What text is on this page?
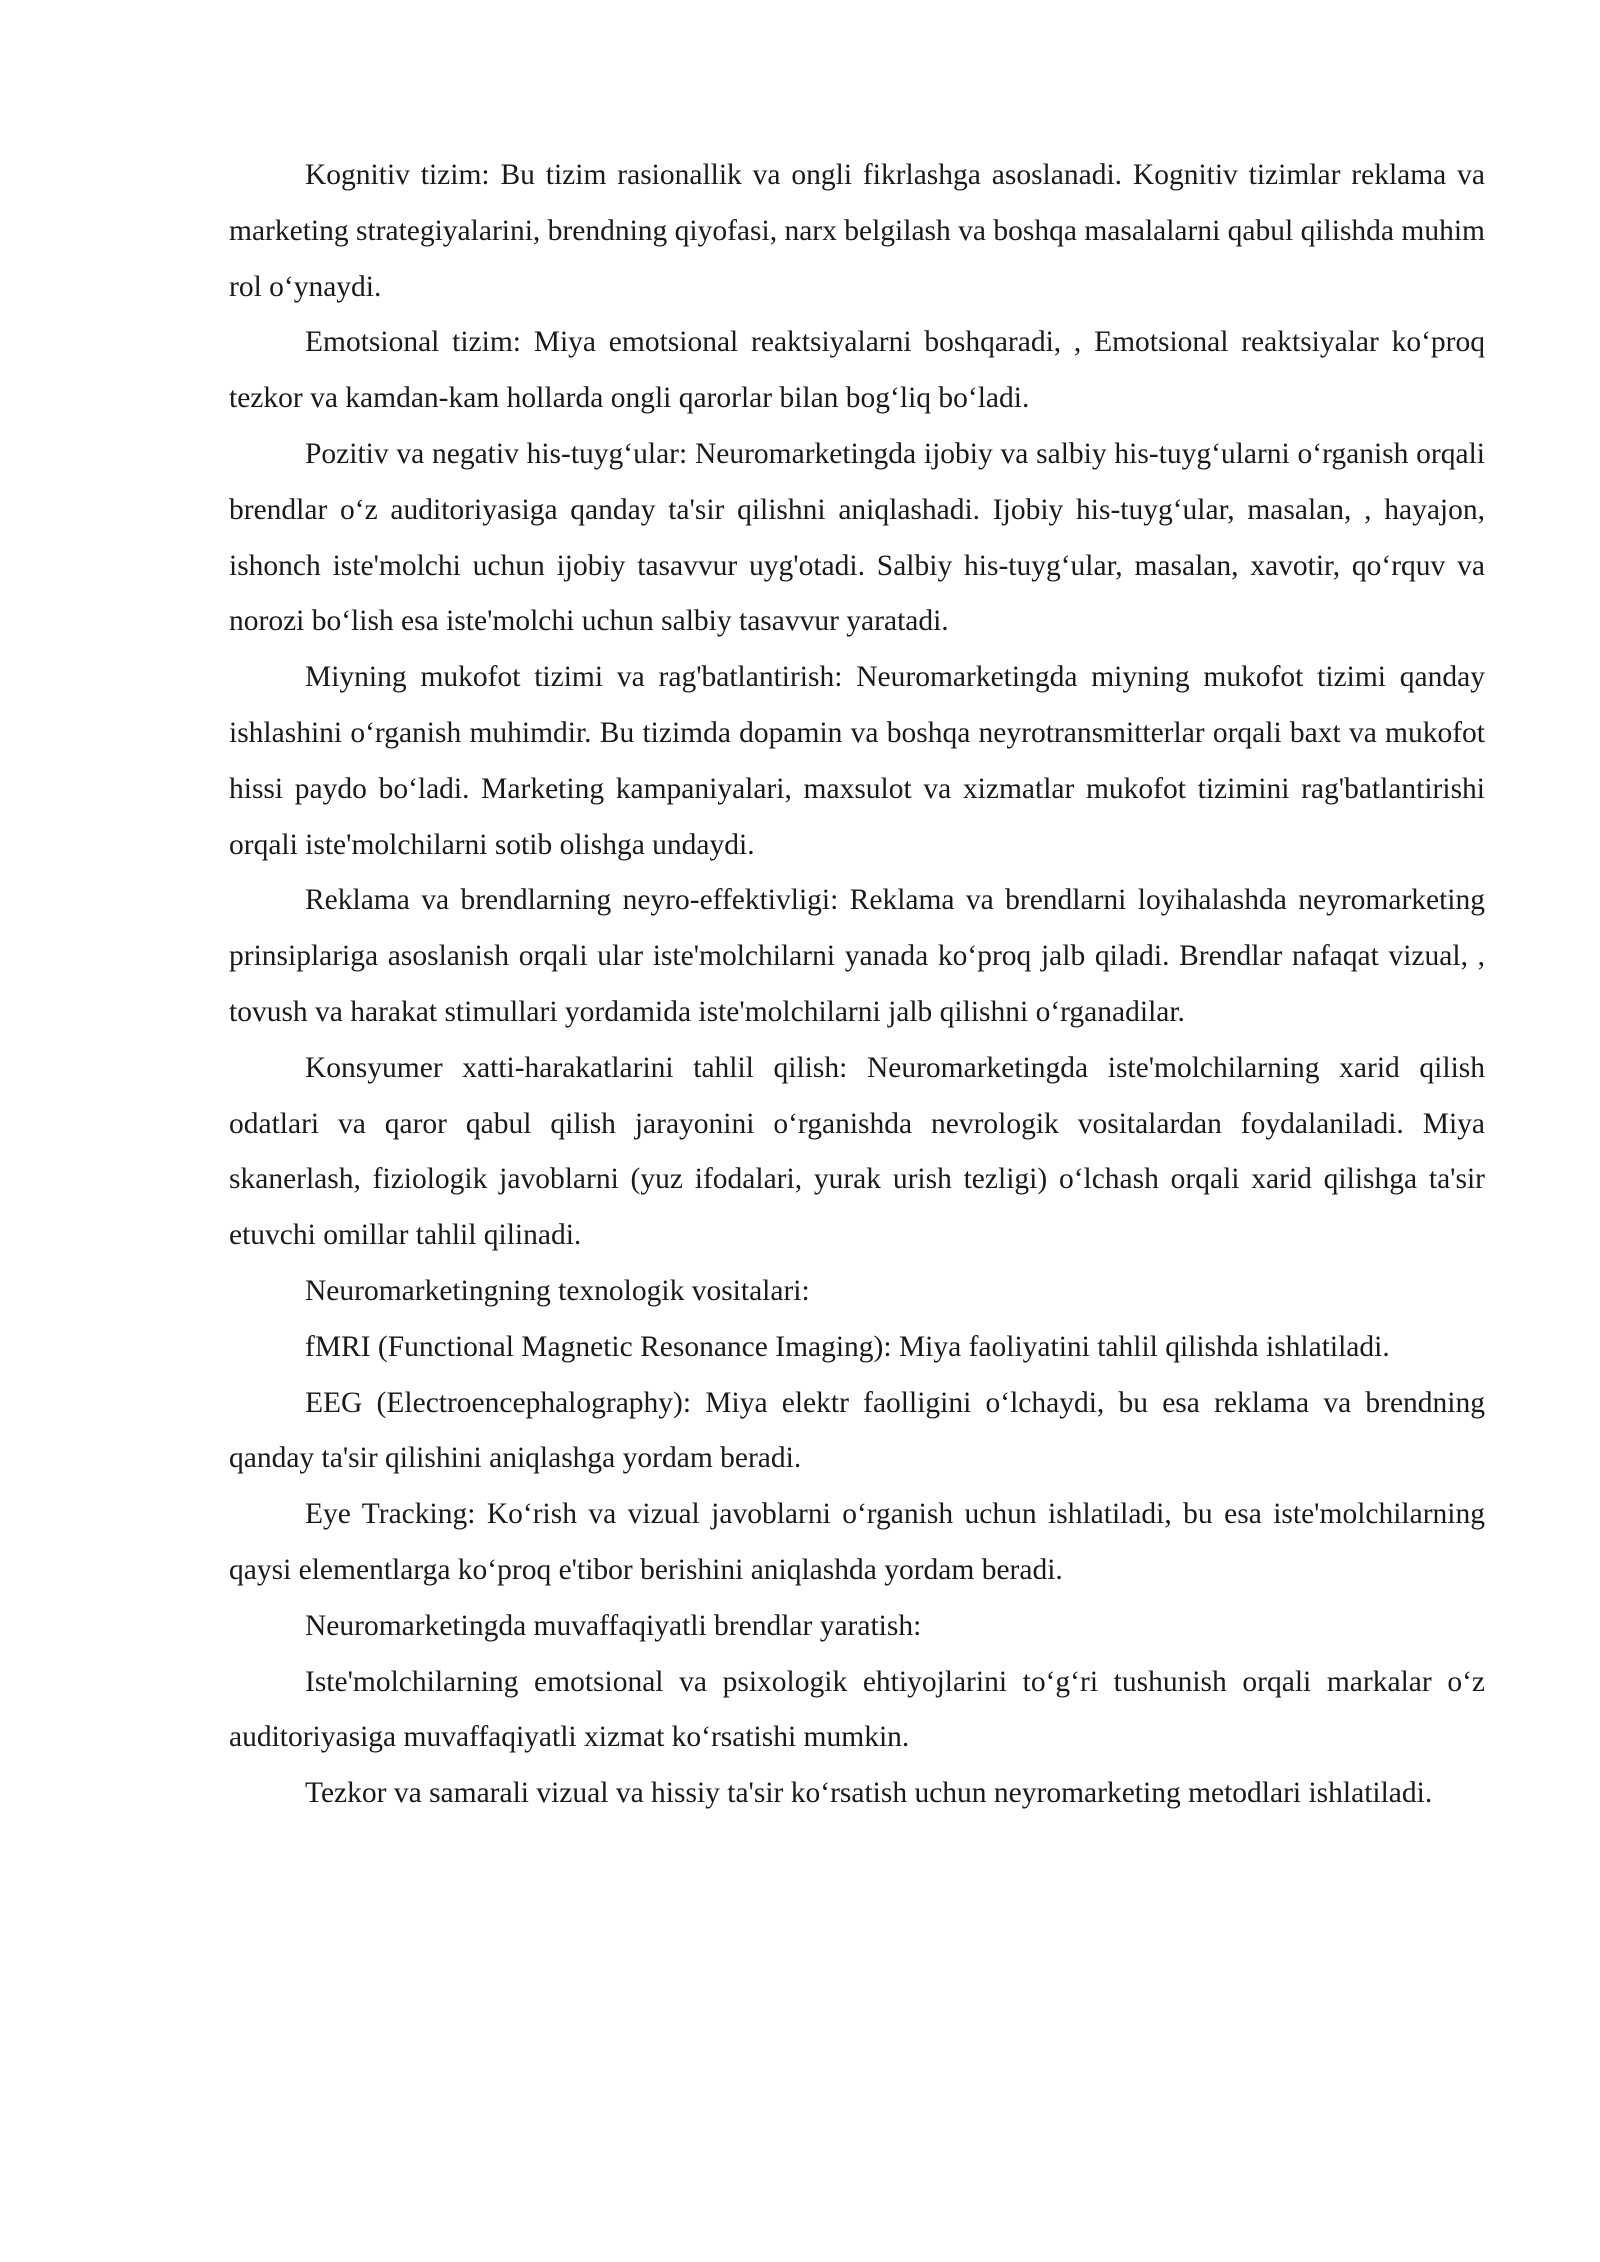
Kognitiv tizim: Bu tizim rasionallik va ongli fikrlashga asoslanadi. Kognitiv tizimlar reklama va marketing strategiyalarini, brendning qiyofasi, narx belgilash va boshqa masalalarni qabul qilishda muhim rol oʻynaydi.

Emotsional tizim: Miya emotsional reaktsiyalarni boshqaradi, , Emotsional reaktsiyalar koʻproq tezkor va kamdan-kam hollarda ongli qarorlar bilan bogʻliq boʻladi.

Pozitiv va negativ his-tuygʻular: Neuromarketingda ijobiy va salbiy his-tuygʻularni oʻrganish orqali brendlar oʻz auditoriyasiga qanday ta'sir qilishni aniqlashadi. Ijobiy his-tuygʻular, masalan, , hayajon, ishonch iste'molchi uchun ijobiy tasavvur uyg'otadi. Salbiy his-tuygʻular, masalan, xavotir, qoʻrquv va norozi boʻlish esa iste'molchi uchun salbiy tasavvur yaratadi.

Miyning mukofot tizimi va rag'batlantirish: Neuromarketingda miyning mukofot tizimi qanday ishlashini oʻrganish muhimdir. Bu tizimda dopamin va boshqa neyrotransmitterlar orqali baxt va mukofot hissi paydo boʻladi. Marketing kampaniyalari, maxsulot va xizmatlar mukofot tizimini rag'batlantirishi orqali iste'molchilarni sotib olishga undaydi.

Reklama va brendlarning neyro-effektivligi: Reklama va brendlarni loyihalashda neyromarketing prinsiplariga asoslanish orqali ular iste'molchilarni yanada koʻproq jalb qiladi. Brendlar nafaqat vizual, , tovush va harakat stimullari yordamida iste'molchilarni jalb qilishni oʻrganadilar.

Konsyumer xatti-harakatlarini tahlil qilish: Neuromarketingda iste'molchilarning xarid qilish odatlari va qaror qabul qilish jarayonini oʻrganishda nevrologik vositalardan foydalaniladi. Miya skanerlash, fiziologik javoblarni (yuz ifodalari, yurak urish tezligi) oʻlchash orqali xarid qilishga ta'sir etuvchi omillar tahlil qilinadi.

Neuromarketingning texnologik vositalari:

fMRI (Functional Magnetic Resonance Imaging): Miya faoliyatini tahlil qilishda ishlatiladi.

EEG (Electroencephalography): Miya elektr faolligini oʻlchaydi, bu esa reklama va brendning qanday ta'sir qilishini aniqlashga yordam beradi.

Eye Tracking: Koʻrish va vizual javoblarni oʻrganish uchun ishlatiladi, bu esa iste'molchilarning qaysi elementlarga koʻproq e'tibor berishini aniqlashda yordam beradi.

Neuromarketingda muvaffaqiyatli brendlar yaratish:

Iste'molchilarning emotsional va psixologik ehtiyojlarini toʻgʻri tushunish orqali markalar oʻz auditoriyasiga muvaffaqiyatli xizmat koʻrsatishi mumkin.

Tezkor va samarali vizual va hissiy ta'sir koʻrsatish uchun neyromarketing metodlari ishlatiladi.
